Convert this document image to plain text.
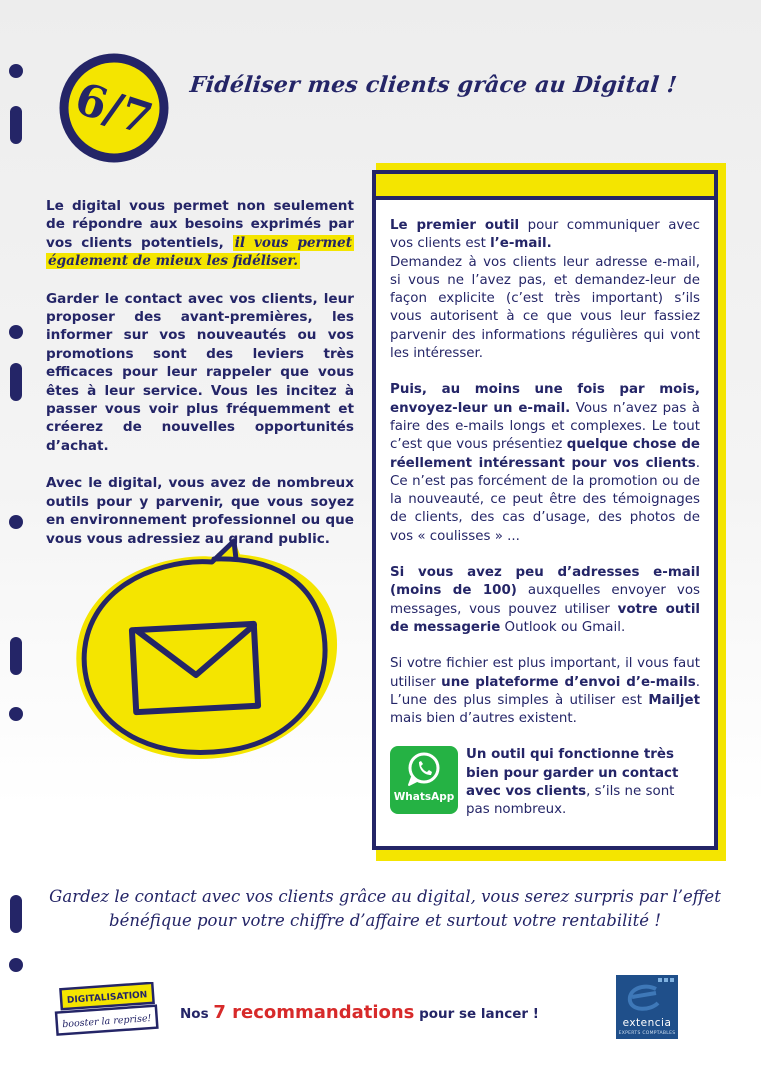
6/7 Fidéliser mes clients grâce au Digital !

Le digital vous permet non seulement de répondre aux besoins exprimés par vos clients potentiels, il vous permet également de mieux les fidéliser.

Garder le contact avec vos clients, leur proposer des avant-premières, les informer sur vos nouveautés ou vos promotions sont des leviers très efficaces pour leur rappeler que vous êtes à leur service. Vous les incitez à passer vous voir plus fréquemment et créerez de nouvelles opportunités d’achat.

Avec le digital, vous avez de nombreux outils pour y parvenir, que vous soyez en environnement professionnel ou que vous vous adressiez au grand public.

Le premier outil pour communiquer avec vos clients est l’e-mail.
Demandez à vos clients leur adresse e-mail, si vous ne l’avez pas, et demandez-leur de façon explicite (c’est très important) s’ils vous autorisent à ce que vous leur fassiez parvenir des informations régulières qui vont les intéresser.

Puis, au moins une fois par mois, envoyez-leur un e-mail. Vous n’avez pas à faire des e-mails longs et complexes. Le tout c’est que vous présentiez quelque chose de réellement intéressant pour vos clients. Ce n’est pas forcément de la promotion ou de la nouveauté, ce peut être des témoignages de clients, des cas d’usage, des photos de vos « coulisses » ...

Si vous avez peu d’adresses e-mail (moins de 100) auxquelles envoyer vos messages, vous pouvez utiliser votre outil de messagerie Outlook ou Gmail.

Si votre fichier est plus important, il vous faut utiliser une plateforme d’envoi d’e-mails. L’une des plus simples à utiliser est Mailjet mais bien d’autres existent.

WhatsApp
Un outil qui fonctionne très bien pour garder un contact avec vos clients, s’ils ne sont pas nombreux.
Gardez le contact avec vos clients grâce au digital, vous serez surpris par l’effet bénéfique pour votre chiffre d’affaire et surtout votre rentabilité !
DIGITALISATION
booster la reprise! Nos 7 recommandations pour se lancer !
extencia
EXPERTS COMPTABLES
